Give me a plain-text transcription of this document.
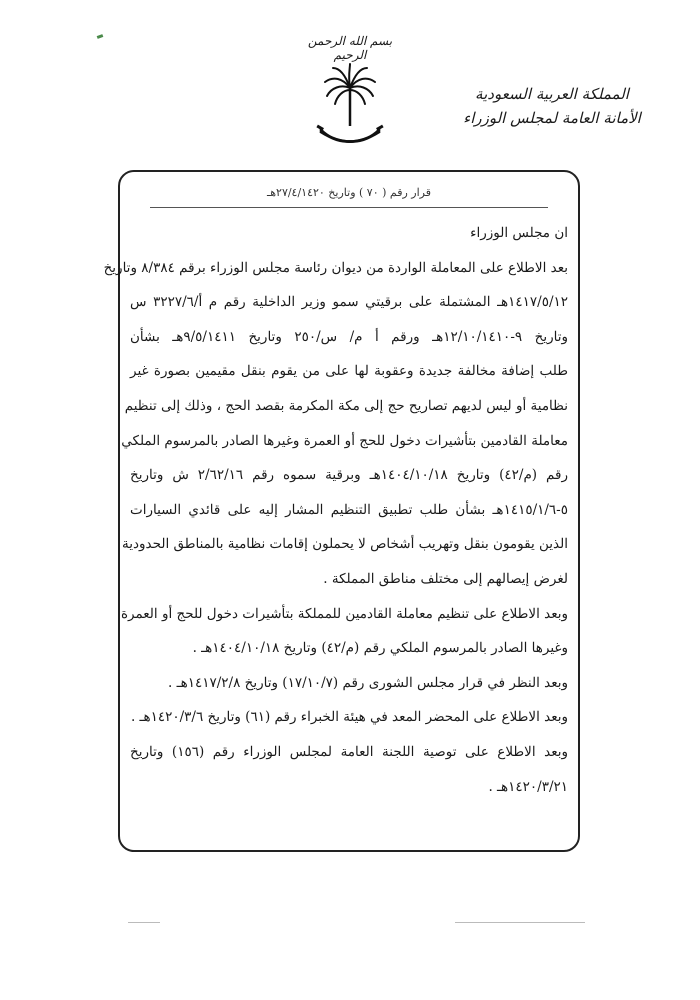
بسم الله الرحمن الرحيم
المملكة العربية السعودية
الأمانة العامة لمجلس الوزراء
قرار رقم ( ٧٠ ) وتاريخ ٢٧/٤/١٤٢٠هـ
ان مجلس الوزراء
بعد الاطلاع على المعاملة الواردة من ديوان رئاسة مجلس الوزراء برقم ٨/٣٨٤ وتاريخ
١٤١٧/٥/١٢هـ المشتملة على برقيتي سمو وزير الداخلية رقم م أ/٣٢٢٧/٦ س
وتاريخ ٩-١٢/١٠/١٤١٠هـ ورقم أ م/ س/٢٥٠ وتاريخ ٩/٥/١٤١١هـ بشأن
طلب إضافة مخالفة جديدة وعقوبة لها على من يقوم بنقل مقيمين بصورة غير
نظامية أو ليس لديهم تصاريح حج إلى مكة المكرمة بقصد الحج ، وذلك إلى تنظيم
معاملة القادمين بتأشيرات دخول للحج أو العمرة وغيرها الصادر بالمرسوم الملكي
رقم (م/٤٢) وتاريخ ١٤٠٤/١٠/١٨هـ وبرقية سموه رقم ٢/٦٢/١٦ ش وتاريخ
٥-١٤١٥/١/٦هـ بشأن طلب تطبيق التنظيم المشار إليه على قائدي السيارات
الذين يقومون بنقل وتهريب أشخاص لا يحملون إقامات نظامية بالمناطق الحدودية
لغرض إيصالهم إلى مختلف مناطق المملكة .
وبعد الاطلاع على تنظيم معاملة القادمين للمملكة بتأشيرات دخول للحج أو العمرة
وغيرها الصادر بالمرسوم الملكي رقم (م/٤٢) وتاريخ ١٤٠٤/١٠/١٨هـ .
وبعد النظر في قرار مجلس الشورى رقم (١٧/١٠/٧) وتاريخ ١٤١٧/٢/٨هـ .
وبعد الاطلاع على المحضر المعد في هيئة الخبراء رقم (٦١) وتاريخ ١٤٢٠/٣/٦هـ .
وبعد الاطلاع على توصية اللجنة العامة لمجلس الوزراء رقم (١٥٦) وتاريخ
١٤٢٠/٣/٢١هـ .
